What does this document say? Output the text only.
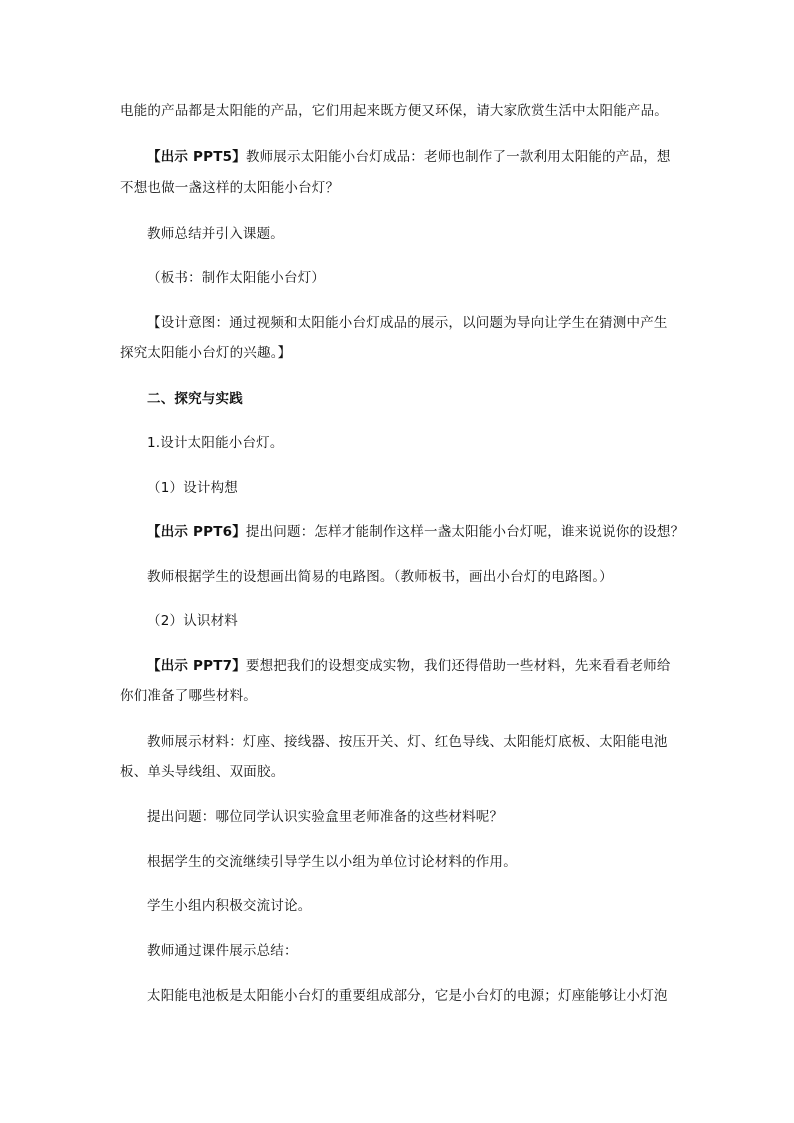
电能的产品都是太阳能的产品，它们用起来既方便又环保，请大家欣赏生活中太阳能产品。
【出示 PPT5】教师展示太阳能小台灯成品：老师也制作了一款利用太阳能的产品，想
不想也做一盏这样的太阳能小台灯？
教师总结并引入课题。
（板书：制作太阳能小台灯）
【设计意图：通过视频和太阳能小台灯成品的展示，以问题为导向让学生在猜测中产生
探究太阳能小台灯的兴趣。】
二、探究与实践
1.设计太阳能小台灯。
（1）设计构想
【出示 PPT6】提出问题：怎样才能制作这样一盏太阳能小台灯呢，谁来说说你的设想？
教师根据学生的设想画出简易的电路图。（教师板书，画出小台灯的电路图。）
（2）认识材料
【出示 PPT7】要想把我们的设想变成实物，我们还得借助一些材料，先来看看老师给
你们准备了哪些材料。
教师展示材料：灯座、接线器、按压开关、灯、红色导线、太阳能灯底板、太阳能电池
板、单头导线组、双面胶。
提出问题：哪位同学认识实验盒里老师准备的这些材料呢？
根据学生的交流继续引导学生以小组为单位讨论材料的作用。
学生小组内积极交流讨论。
教师通过课件展示总结：
太阳能电池板是太阳能小台灯的重要组成部分，它是小台灯的电源；灯座能够让小灯泡
